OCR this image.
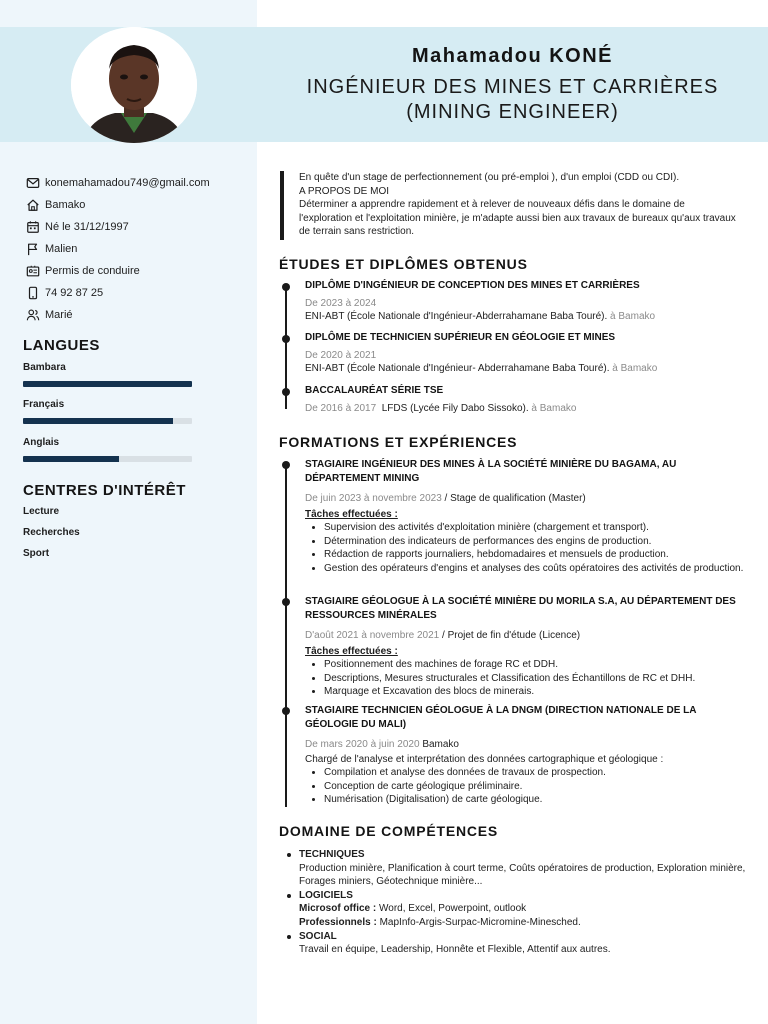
Mahamadou KONÉ
INGÉNIEUR DES MINES ET CARRIÈRES
(MINING ENGINEER)
konemahamadou749@gmail.com
Bamako
Né le 31/12/1997
Malien
Permis de conduire
74 92 87 25
Marié
LANGUES
Bambara
Français
Anglais
CENTRES D'INTÉRÊT
Lecture
Recherches
Sport
En quête d'un stage de perfectionnement (ou pré-emploi ), d'un emploi (CDD ou CDI).
A PROPOS DE MOI
Déterminer a apprendre rapidement et à relever de nouveaux défis dans le domaine de l'exploration et l'exploitation minière, je m'adapte aussi bien aux travaux de bureaux qu'aux travaux de terrain sans restriction.
ÉTUDES ET DIPLÔMES OBTENUS
DIPLÔME D'INGÉNIEUR DE CONCEPTION DES MINES ET CARRIÈRES
De 2023 à 2024
ENI-ABT (École Nationale d'Ingénieur-Abderrahamane Baba Touré). à Bamako
DIPLÔME DE TECHNICIEN SUPÉRIEUR EN GÉOLOGIE ET MINES
De 2020 à 2021
ENI-ABT (École Nationale d'Ingénieur- Abderrahamane Baba Touré). à Bamako
BACCALAURÉAT SÉRIE TSE
De 2016 à 2017 LFDS (Lycée Fily Dabo Sissoko). à Bamako
FORMATIONS ET EXPÉRIENCES
STAGIAIRE INGÉNIEUR DES MINES À LA SOCIÉTÉ MINIÈRE DU BAGAMA, AU DÉPARTEMENT MINING
De juin 2023 à novembre 2023 / Stage de qualification (Master)
Tâches effectuées :
• Supervision des activités d'exploitation minière (chargement et transport).
• Détermination des indicateurs de performances des engins de production.
• Rédaction de rapports journaliers, hebdomadaires et mensuels de production.
• Gestion des opérateurs d'engins et analyses des coûts opératoires des activités de production.
STAGIAIRE GÉOLOGUE À LA SOCIÉTÉ MINIÈRE DU MORILA S.A, AU DÉPARTEMENT DES RESSOURCES MINÉRALES
D'août 2021 à novembre 2021 / Projet de fin d'étude (Licence)
Tâches effectuées :
• Positionnement des machines de forage RC et DDH.
• Descriptions, Mesures structurales et Classification des Échantillons de RC et DHH.
• Marquage et Excavation des blocs de minerais.
STAGIAIRE TECHNICIEN GÉOLOGUE À LA DNGM (DIRECTION NATIONALE DE LA GÉOLOGIE DU MALI)
De mars 2020 à juin 2020 Bamako
Chargé de l'analyse et interprétation des données cartographique et géologique :
• Compilation et analyse des données de travaux de prospection.
• Conception de carte géologique préliminaire.
• Numérisation (Digitalisation) de carte géologique.
DOMAINE DE COMPÉTENCES
TECHNIQUES
Production minière, Planification à court terme, Coûts opératoires de production, Exploration minière, Forages miniers, Géotechnique minière...
LOGICIELS
Microsof office : Word, Excel, Powerpoint, outlook
Professionnels : MapInfo-Argis-Surpac-Micromine-Minesched.
SOCIAL
Travail en équipe, Leadership, Honnête et Flexible, Attentif aux autres.
